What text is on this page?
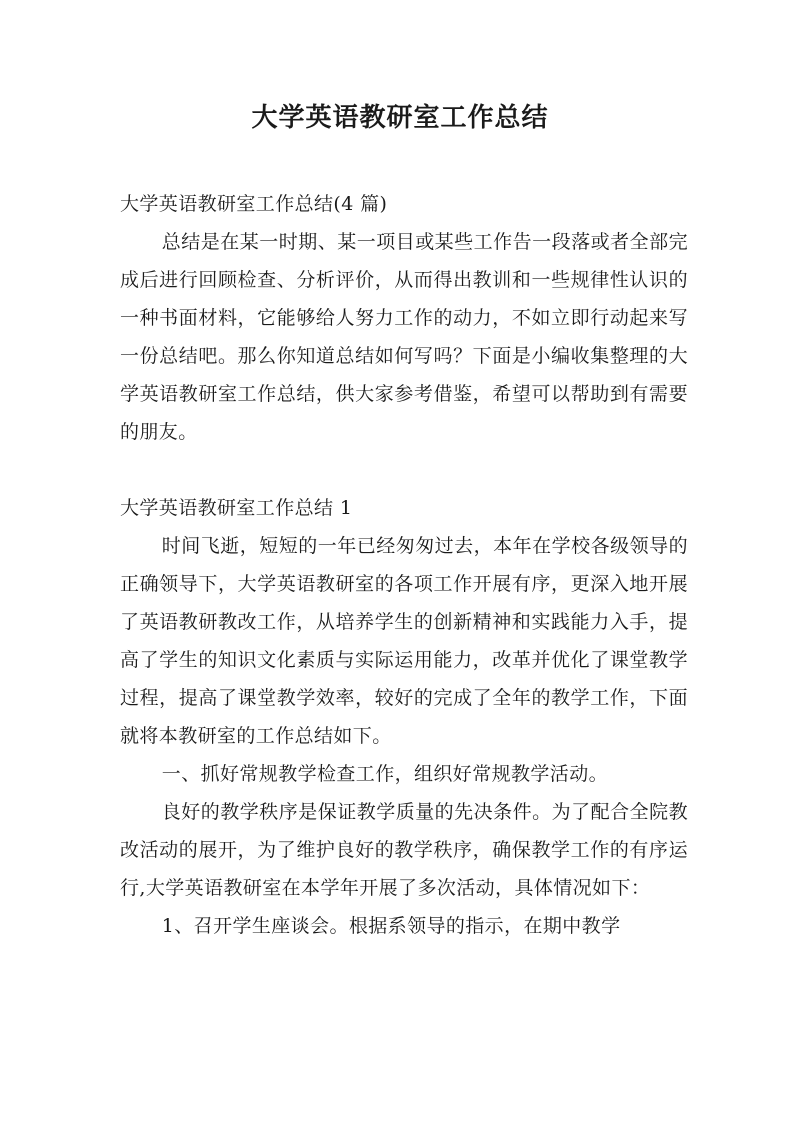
大学英语教研室工作总结

大学英语教研室工作总结(4 篇)

总结是在某一时期、某一项目或某些工作告一段落或者全部完成后进行回顾检查、分析评价，从而得出教训和一些规律性认识的一种书面材料，它能够给人努力工作的动力，不如立即行动起来写一份总结吧。那么你知道总结如何写吗？下面是小编收集整理的大学英语教研室工作总结，供大家参考借鉴，希望可以帮助到有需要的朋友。

大学英语教研室工作总结 1

时间飞逝，短短的一年已经匆匆过去，本年在学校各级领导的正确领导下，大学英语教研室的各项工作开展有序，更深入地开展了英语教研教改工作，从培养学生的创新精神和实践能力入手，提高了学生的知识文化素质与实际运用能力，改革并优化了课堂教学过程，提高了课堂教学效率，较好的完成了全年的教学工作，下面就将本教研室的工作总结如下。

一、抓好常规教学检查工作，组织好常规教学活动。

良好的教学秩序是保证教学质量的先决条件。为了配合全院教改活动的展开，为了维护良好的教学秩序，确保教学工作的有序运行,大学英语教研室在本学年开展了多次活动，具体情况如下：

1、召开学生座谈会。根据系领导的指示，在期中教学
